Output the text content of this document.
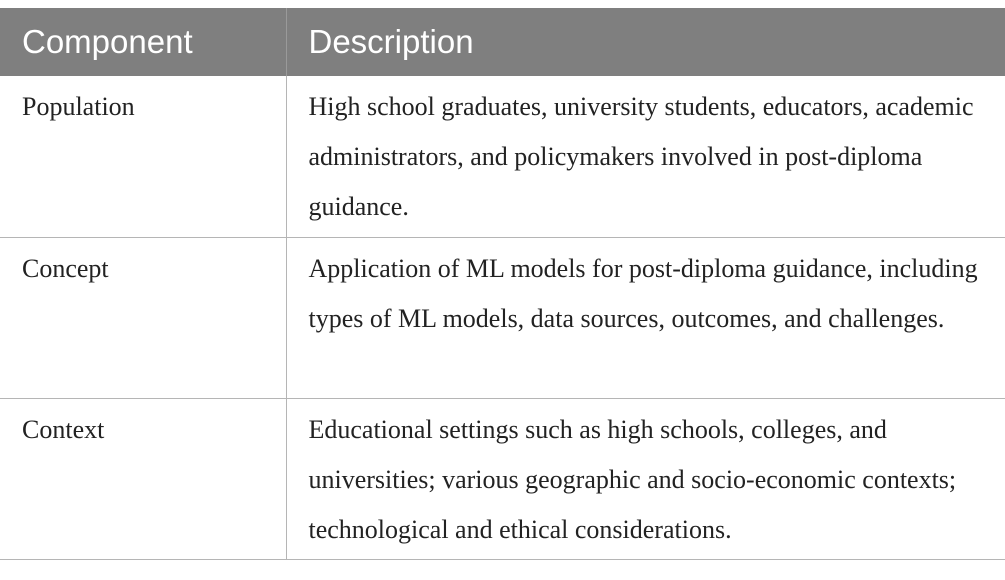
Component	Description
Population	High school graduates, university students, educators, academic administrators, and policymakers involved in post-diploma guidance.
Concept	Application of ML models for post-diploma guidance, including types of ML models, data sources, outcomes, and challenges.
Context	Educational settings such as high schools, colleges, and universities; various geographic and socio-economic contexts; technological and ethical considerations.
